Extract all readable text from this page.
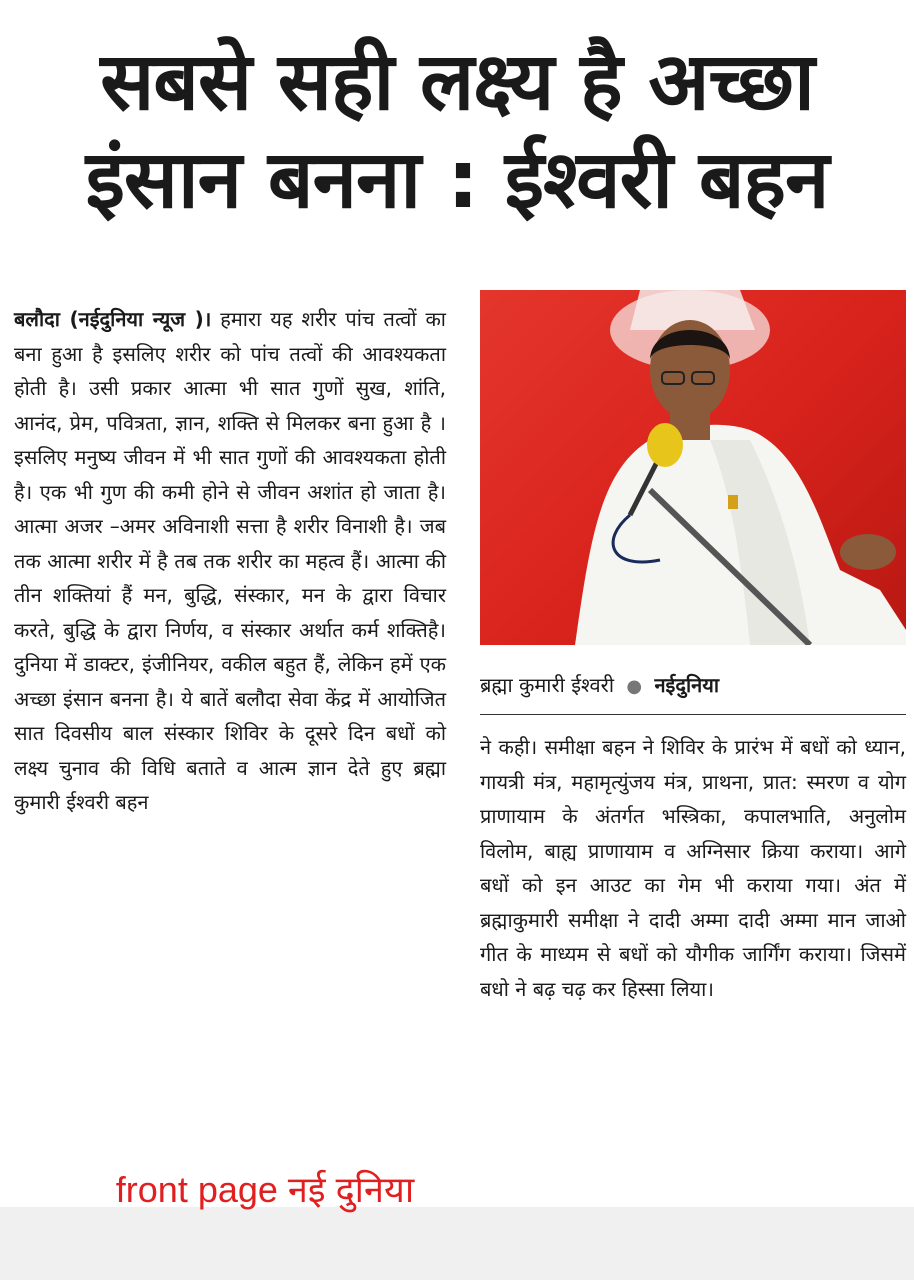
सबसे सही लक्ष्य है अच्छा
इंसान बनना : ईश्वरी बहन
बलौदा (नईदुनिया न्यूज )। हमारा यह शरीर पांच तत्वों का बना हुआ है इसलिए शरीर को पांच तत्वों की आवश्यकता होती है। उसी प्रकार आत्मा भी सात गुणों सुख, शांति, आनंद, प्रेम, पवित्रता, ज्ञान, शक्ति से मिलकर बना हुआ है । इसलिए मनुष्य जीवन में भी सात गुणों की आवश्यकता होती है। एक भी गुण की कमी होने से जीवन अशांत हो जाता है। आत्मा अजर –अमर अविनाशी सत्ता है शरीर विनाशी है। जब तक आत्मा शरीर में है तब तक शरीर का महत्व हैं। आत्मा की तीन शक्तियां हैं मन, बुद्धि, संस्कार, मन के द्वारा विचार करते, बुद्धि के द्वारा निर्णय, व संस्कार अर्थात कर्म शक्तिहै। दुनिया में डाक्टर, इंजीनियर, वकील बहुत हैं, लेकिन हमें एक अच्छा इंसान बनना है। ये बातें बलौदा सेवा केंद्र में आयोजित सात दिवसीय बाल संस्कार शिविर के दूसरे दिन बधों को लक्ष्य चुनाव की विधि बताते व आत्म ज्ञान देते हुए ब्रह्मा कुमारी ईश्वरी बहन
ब्रह्मा कुमारी ईश्वरी ● नईदुनिया
ने कही। समीक्षा बहन ने शिविर के प्रारंभ में बधों को ध्यान, गायत्री मंत्र, महामृत्युंजय मंत्र, प्राथना, प्रात: स्मरण व योग प्राणायाम के अंतर्गत भस्त्रिका, कपालभाति, अनुलोम विलोम, बाह्य प्राणायाम व अग्निसार क्रिया कराया। आगे बधों को इन आउट का गेम भी कराया गया। अंत में ब्रह्माकुमारी समीक्षा ने दादी अम्मा दादी अम्मा मान जाओ गीत के माध्यम से बधों को यौगीक जार्गिंग कराया। जिसमें बधो ने बढ़ चढ़ कर हिस्सा लिया।
front page नई दुनिया
